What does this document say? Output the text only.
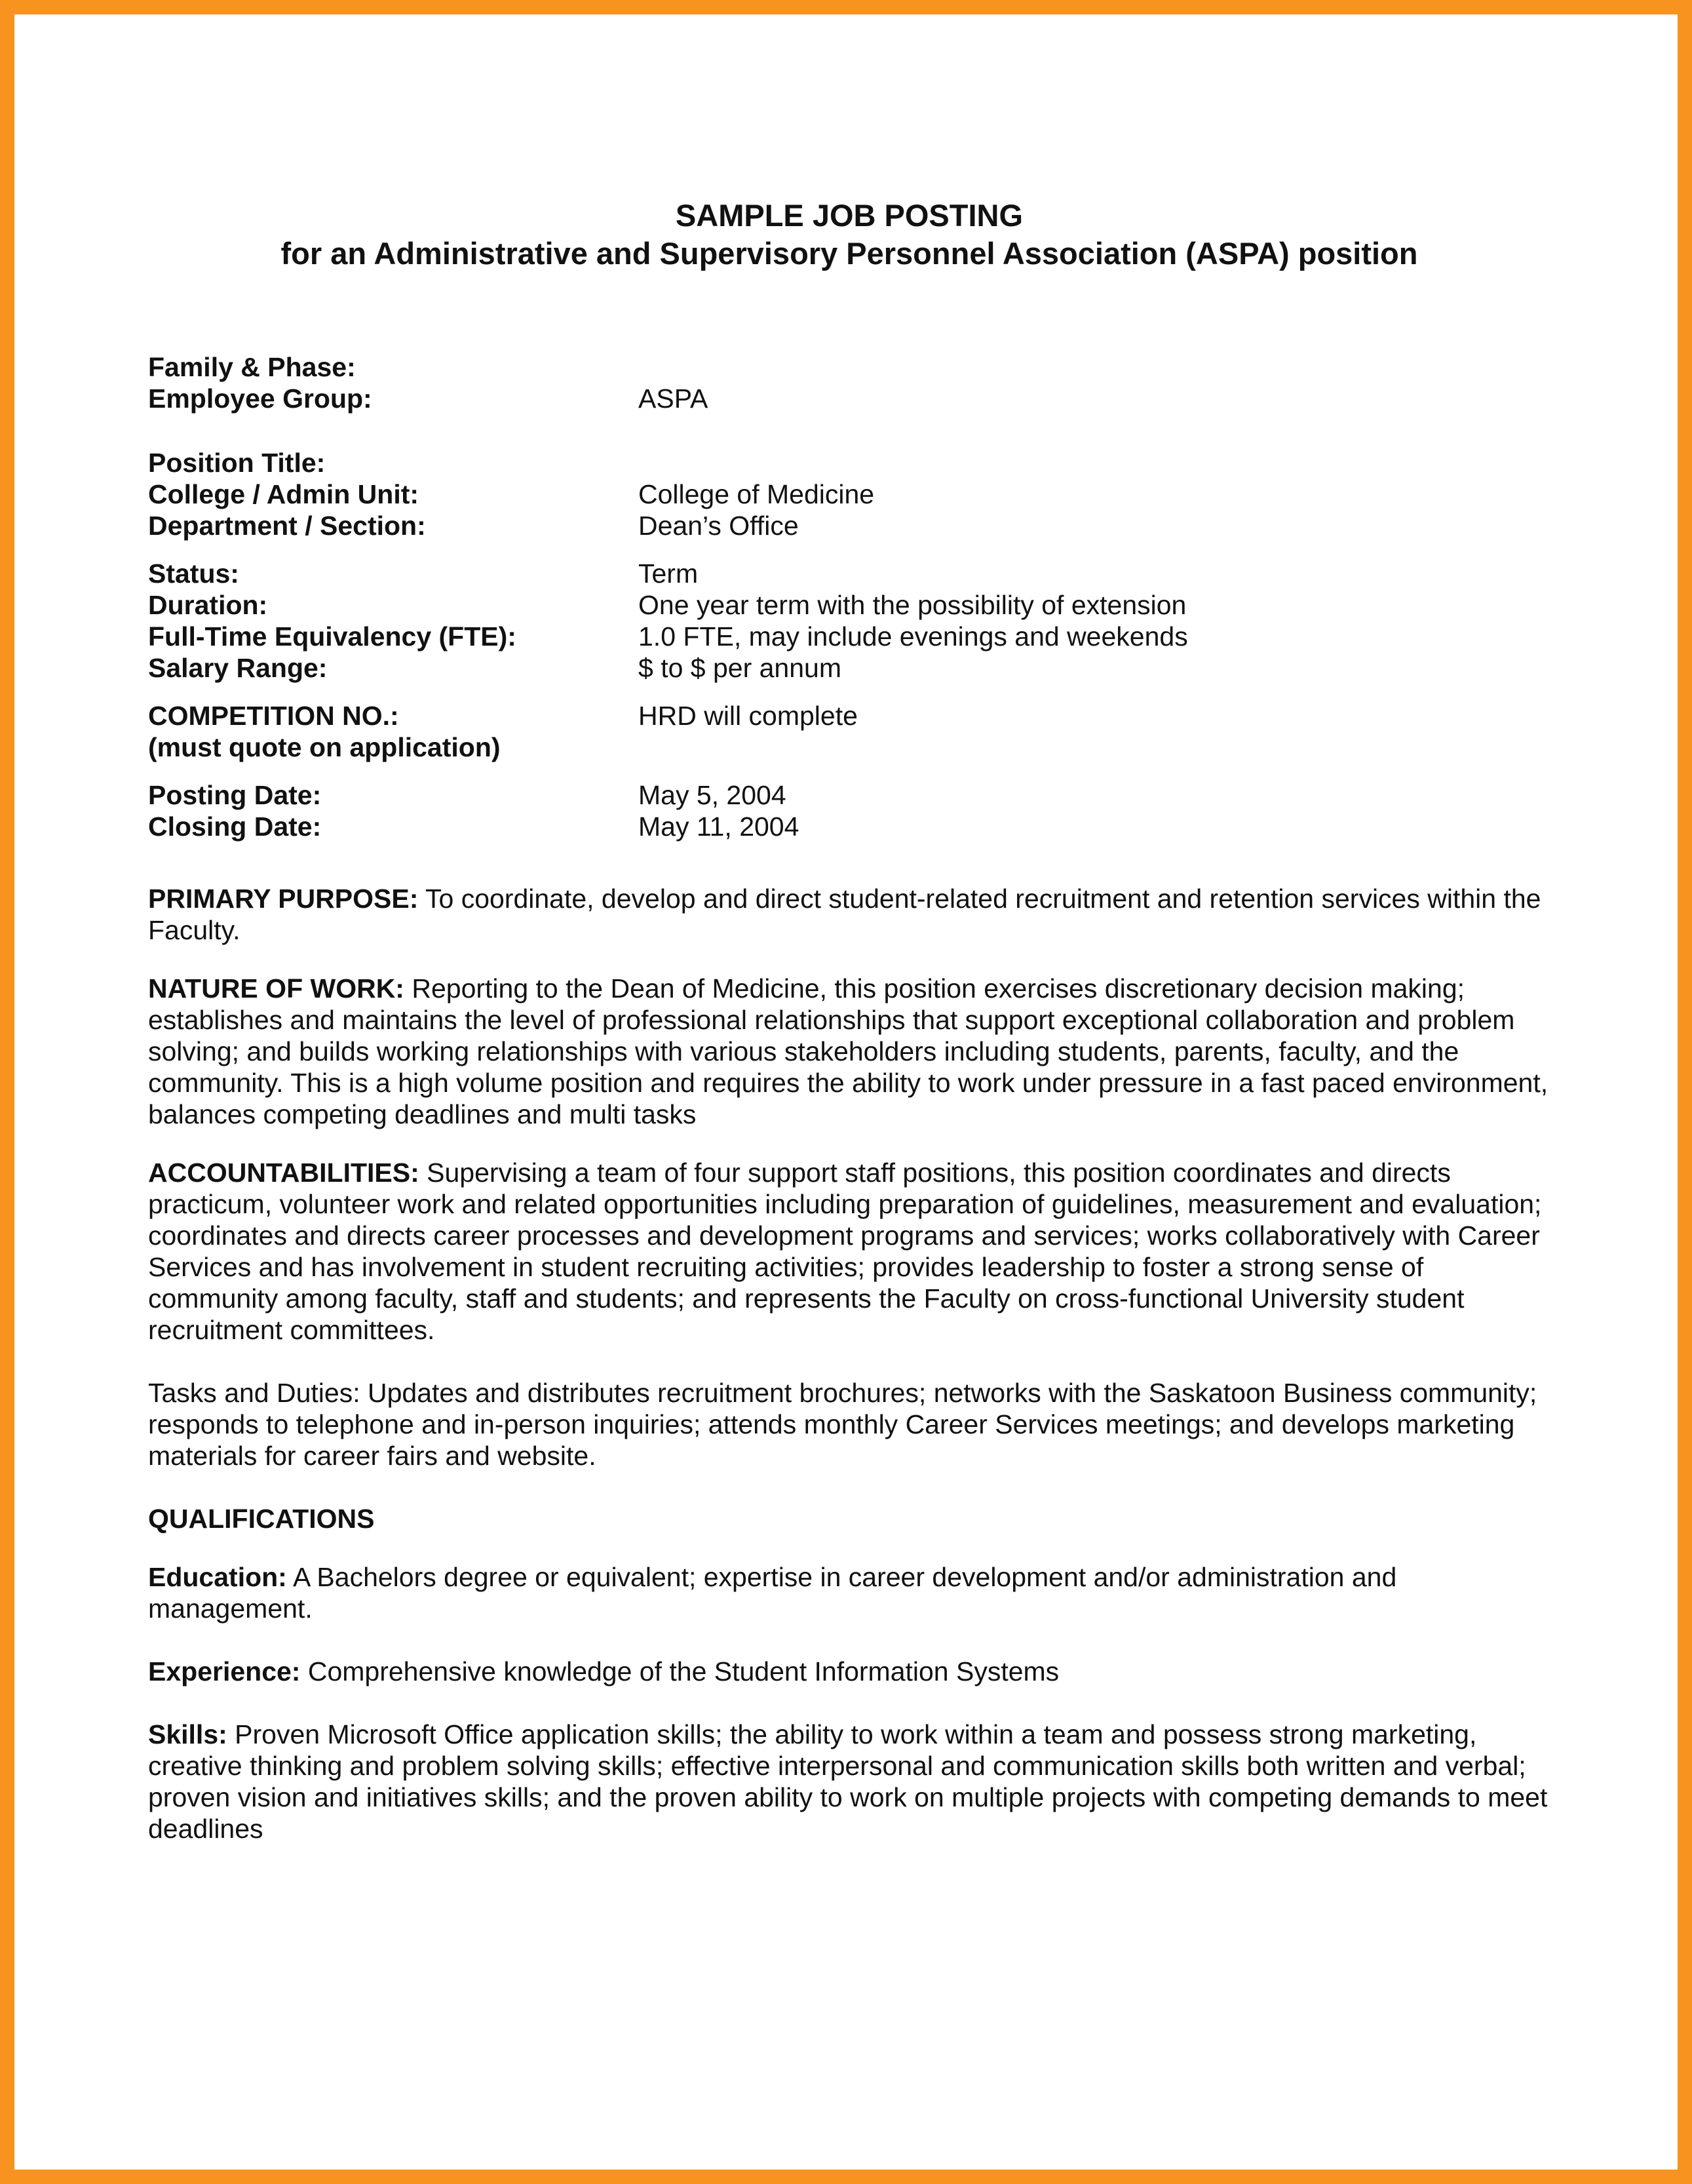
SAMPLE JOB POSTING
for an Administrative and Supervisory Personnel Association (ASPA) position
Family & Phase:
Employee Group:	ASPA
Position Title:
College / Admin Unit:	College of Medicine
Department / Section:	Dean’s Office
Status:	Term
Duration:	One year term with the possibility of extension
Full-Time Equivalency (FTE):	1.0 FTE, may include evenings and weekends
Salary Range:	$ to $ per annum
COMPETITION NO.:	HRD will complete
(must quote on application)
Posting Date:	May 5, 2004
Closing Date:	May 11, 2004

PRIMARY PURPOSE: To coordinate, develop and direct student-related recruitment and retention services within the Faculty.

NATURE OF WORK: Reporting to the Dean of Medicine, this position exercises discretionary decision making; establishes and maintains the level of professional relationships that support exceptional collaboration and problem solving; and builds working relationships with various stakeholders including students, parents, faculty, and the community. This is a high volume position and requires the ability to work under pressure in a fast paced environment, balances competing deadlines and multi tasks

ACCOUNTABILITIES: Supervising a team of four support staff positions, this position coordinates and directs practicum, volunteer work and related opportunities including preparation of guidelines, measurement and evaluation; coordinates and directs career processes and development programs and services; works collaboratively with Career Services and has involvement in student recruiting activities; provides leadership to foster a strong sense of community among faculty, staff and students; and represents the Faculty on cross-functional University student recruitment committees.

Tasks and Duties: Updates and distributes recruitment brochures; networks with the Saskatoon Business community; responds to telephone and in-person inquiries; attends monthly Career Services meetings; and develops marketing materials for career fairs and website.

QUALIFICATIONS

Education: A Bachelors degree or equivalent; expertise in career development and/or administration and management.

Experience: Comprehensive knowledge of the Student Information Systems

Skills: Proven Microsoft Office application skills; the ability to work within a team and possess strong marketing, creative thinking and problem solving skills; effective interpersonal and communication skills both written and verbal; proven vision and initiatives skills; and the proven ability to work on multiple projects with competing demands to meet deadlines
